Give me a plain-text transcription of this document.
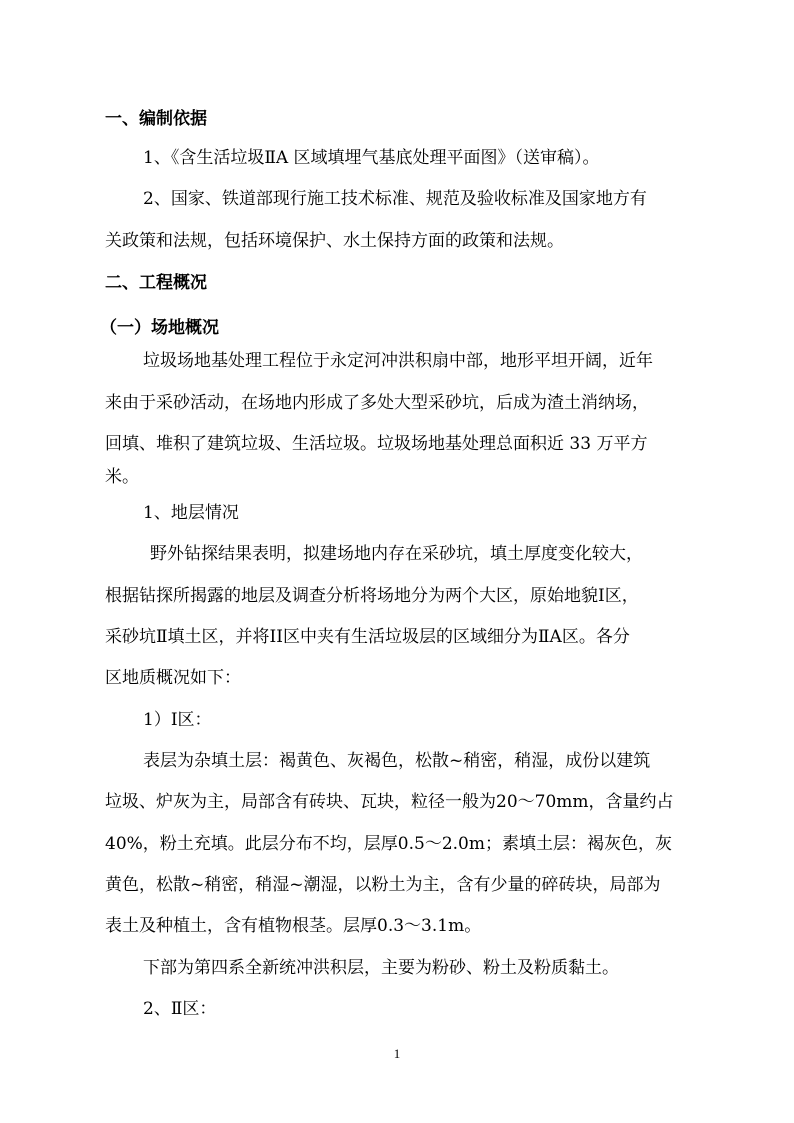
一、编制依据
1、《含生活垃圾ⅡA 区域填埋气基底处理平面图》（送审稿）。
2、国家、铁道部现行施工技术标准、规范及验收标准及国家地方有
关政策和法规，包括环境保护、水土保持方面的政策和法规。
二、工程概况
（一）场地概况
垃圾场地基处理工程位于永定河冲洪积扇中部，地形平坦开阔，近年
来由于采砂活动，在场地内形成了多处大型采砂坑，后成为渣土消纳场，
回填、堆积了建筑垃圾、生活垃圾。垃圾场地基处理总面积近 33 万平方
米。
1、地层情况
野外钻探结果表明，拟建场地内存在采砂坑，填土厚度变化较大，
根据钻探所揭露的地层及调查分析将场地分为两个大区，原始地貌Ⅰ区，
采砂坑Ⅱ填土区，并将II区中夹有生活垃圾层的区域细分为ⅡA区。各分
区地质概况如下：
1）Ⅰ区：
表层为杂填土层：褐黄色、灰褐色，松散~稍密，稍湿，成份以建筑
垃圾、炉灰为主，局部含有砖块、瓦块，粒径一般为20～70mm，含量约占
40%，粉土充填。此层分布不均，层厚0.5～2.0m；素填土层：褐灰色，灰
黄色，松散~稍密，稍湿~潮湿，以粉土为主，含有少量的碎砖块，局部为
表土及种植土，含有植物根茎。层厚0.3～3.1m。
下部为第四系全新统冲洪积层，主要为粉砂、粉土及粉质黏土。
2、Ⅱ区：
1
